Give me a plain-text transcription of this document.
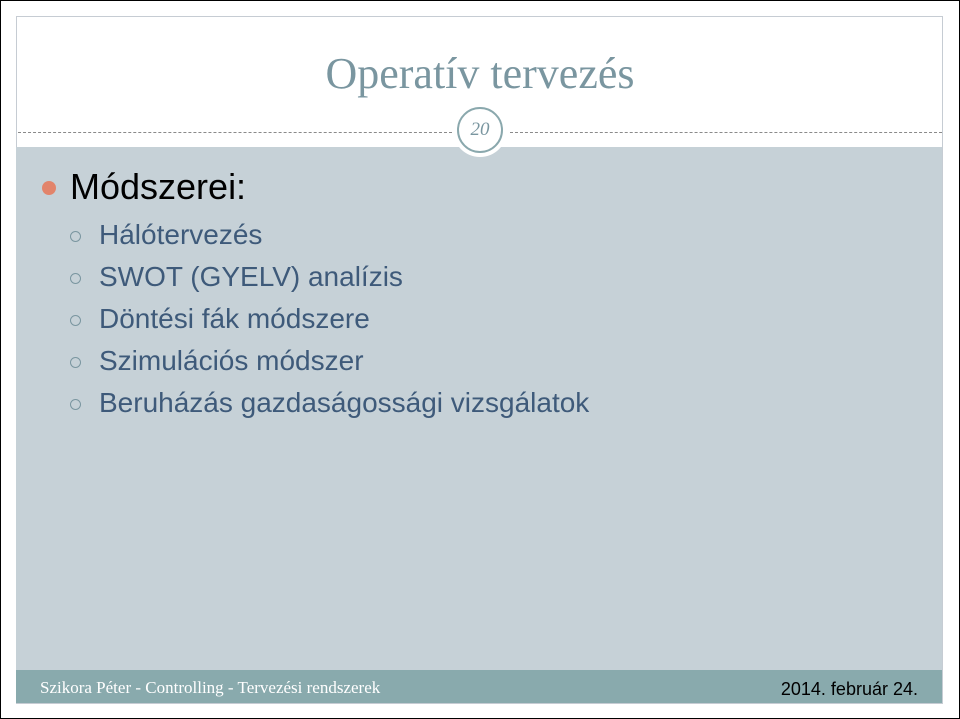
Operatív tervezés
20
Módszerei:
Hálótervezés
SWOT (GYELV) analízis
Döntési fák módszere
Szimulációs módszer
Beruházás gazdaságossági vizsgálatok
Szikora Péter - Controlling - Tervezési rendszerek	2014. február 24.
